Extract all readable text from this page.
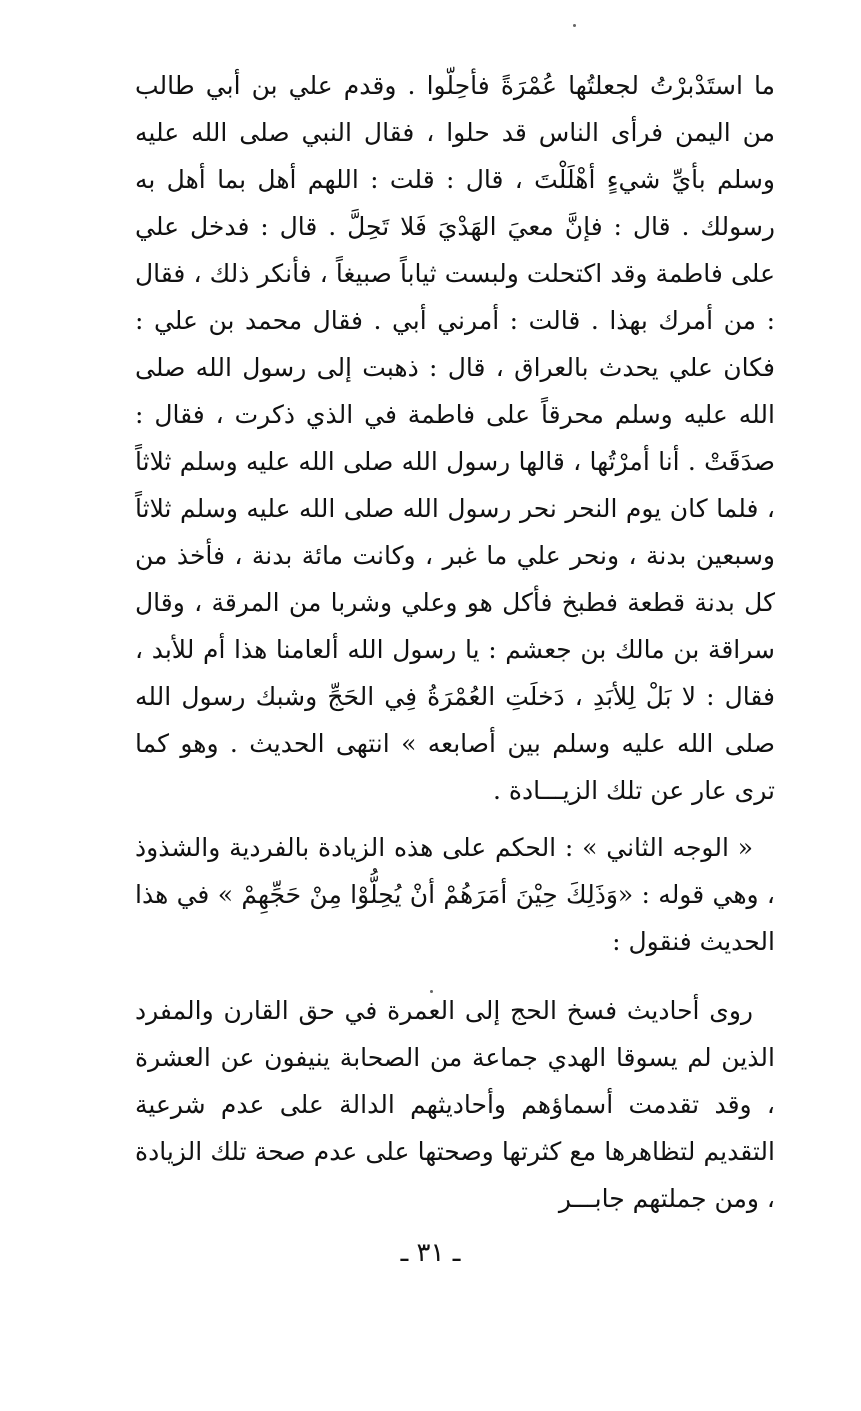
ما استَدْبرْتُ لجعلتُها عُمْرَةً فأحِلّوا . وقدم علي بن أبي طالب من اليمن فرأى الناس قد حلوا ، فقال النبي صلى الله عليه وسلم بأيِّ شيءٍ أهْلَلْتَ ، قال : قلت : اللهم أهل بما أهل به رسولك . قال : فإنَّ معيَ الهَدْيَ فَلا تَحِلَّ . قال : فدخل علي على فاطمة وقد اكتحلت ولبست ثياباً صبيغاً ، فأنكر ذلك ، فقال : من أمرك بهذا . قالت : أمرني أبي . فقال محمد بن علي : فكان علي يحدث بالعراق ، قال : ذهبت إلى رسول الله صلى الله عليه وسلم محرقاً على فاطمة في الذي ذكرت ، فقال : صدَقَتْ . أنا أمرْتُها ، قالها رسول الله صلى الله عليه وسلم ثلاثاً ، فلما كان يوم النحر نحر رسول الله صلى الله عليه وسلم ثلاثاً وسبعين بدنة ، ونحر علي ما غبر ، وكانت مائة بدنة ، فأخذ من كل بدنة قطعة فطبخ فأكل هو وعلي وشربا من المرقة ، وقال سراقة بن مالك بن جعشم : يا رسول الله ألعامنا هذا أم للأبد ، فقال : لا بَلْ لِلأبَدِ ، دَخلَتِ العُمْرَةُ فِي الحَجِّ وشبك رسول الله صلى الله عليه وسلم بين أصابعه » انتهى الحديث . وهو كما ترى عار عن تلك الزيـــادة .

« الوجه الثاني » : الحكم على هذه الزيادة بالفردية والشذوذ ، وهي قوله : «وَذَلِكَ حِيْنَ أمَرَهُمْ أنْ يُحِلُّوْا مِنْ حَجِّهِمْ » في هذا الحديث فنقول :

روى أحاديث فسخ الحج إلى العمرة في حق القارن والمفرد الذين لم يسوقا الهدي جماعة من الصحابة ينيفون عن العشرة ، وقد تقدمت أسماؤهم وأحاديثهم الدالة على عدم شرعية التقديم لتظاهرها مع كثرتها وصحتها على عدم صحة تلك الزيادة ، ومن جملتهم جابـــر

ـ ٣١ ـ
